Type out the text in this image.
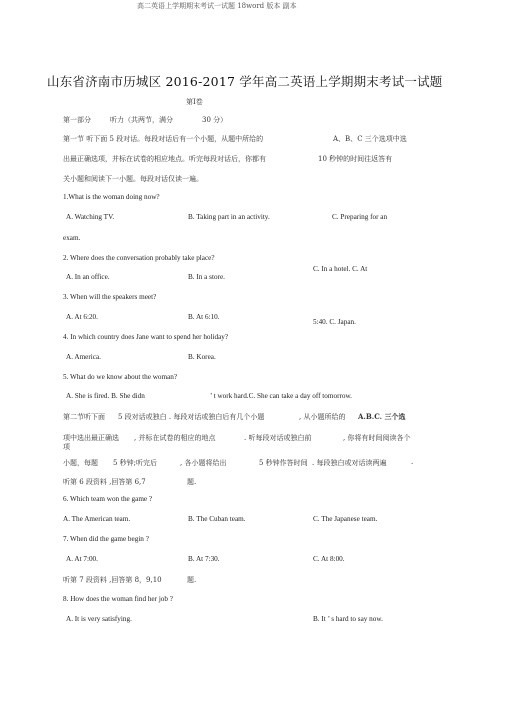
高二英语上学期期末考试一试题 18word 版本 副本
山东省济南市历城区 2016-2017 学年高二英语上学期期末考试一试题
第Ⅰ卷
第一部分	听力（共两节，满分	30 分）
第一节 听下面 5 段对话。每段对话后有一个小题，从题中所给的	A、B、C 三个选项中选
出最正确选项，并标在试卷的相应地点。听完每段对话后，你都有	10 秒钟的时间往返答有
关小题和阅读下一小题。每段对话仅读一遍。
1.What is the woman doing now?
A. Watching TV.	B. Taking part in an activity.	C. Preparing for an
exam.
2. Where does the conversation probably take place?
A. In an office.	B. In a store.
C. In a hotel. C. At
3. When will the speakers meet?
A. At 6:20.	B. At 6:10.
5:40. C. Japan.
4. In which country does Jane want to spend her holiday?
A. America.	B. Korea.
5. What do we know about the woman?
A. She is fired. B. She didn	’ t work hard.C. She can take a day off tomorrow.
第二节听下面 5 段对话或独白 . 每段对话或独白后有几个小题	, 从小题所给的 A.B.C. 三个选
项中选出最正确选 , 并标在试卷的相应的地点	. 听每段对话或独白前	, 你将有时间阅读各个
项
小题，每题 5 秒钟;听完后	, 各小题将给出	5 秒钟作答时间 . 每段独白或对话读两遍	.
听第 6 段资料 ,回答第 6,7	题.
6. Which team won the game ?
A. The American team.	B. The Cuban team.	C. The Japanese team.
7. When did the game begin ?
A. At 7:00.	B. At 7:30.	C. At 8:00.
听第 7 段资料 ,回答第 8，9,10	题.
8. How does the woman find her job ?
A. It is very satisfying.	B. It ’ s hard to say now.
